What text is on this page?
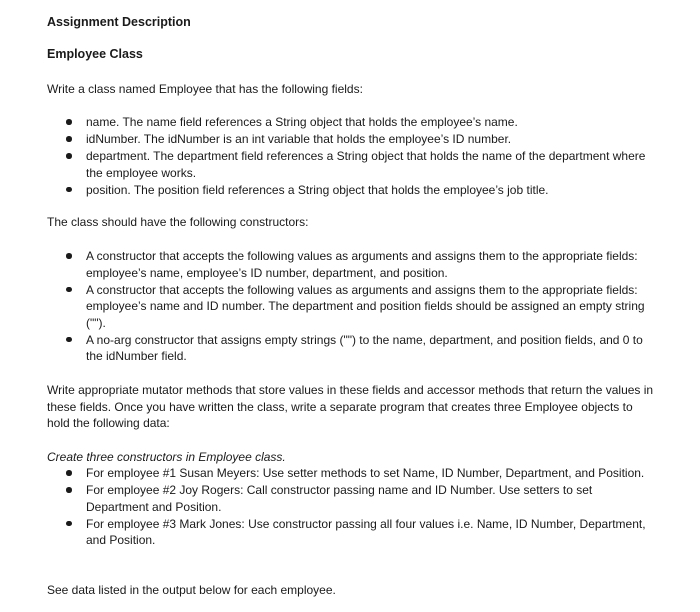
Assignment Description
Employee Class

Write a class named Employee that has the following fields:

name. The name field references a String object that holds the employee’s name.
idNumber. The idNumber is an int variable that holds the employee’s ID number.
department. The department field references a String object that holds the name of the department where the employee works.
position. The position field references a String object that holds the employee’s job title.

The class should have the following constructors:

A constructor that accepts the following values as arguments and assigns them to the appropriate fields: employee’s name, employee’s ID number, department, and position.
A constructor that accepts the following values as arguments and assigns them to the appropriate fields: employee’s name and ID number. The department and position fields should be assigned an empty string ("").
A no-arg constructor that assigns empty strings ("") to the name, department, and position fields, and 0 to the idNumber field.

Write appropriate mutator methods that store values in these fields and accessor methods that return the values in these fields. Once you have written the class, write a separate program that creates three Employee objects to hold the following data:

Create three constructors in Employee class.

For employee #1 Susan Meyers: Use setter methods to set Name, ID Number, Department, and Position.
For employee #2 Joy Rogers: Call constructor passing name and ID Number. Use setters to set Department and Position.
For employee #3 Mark Jones: Use constructor passing all four values i.e. Name, ID Number, Department, and Position.

See data listed in the output below for each employee.
